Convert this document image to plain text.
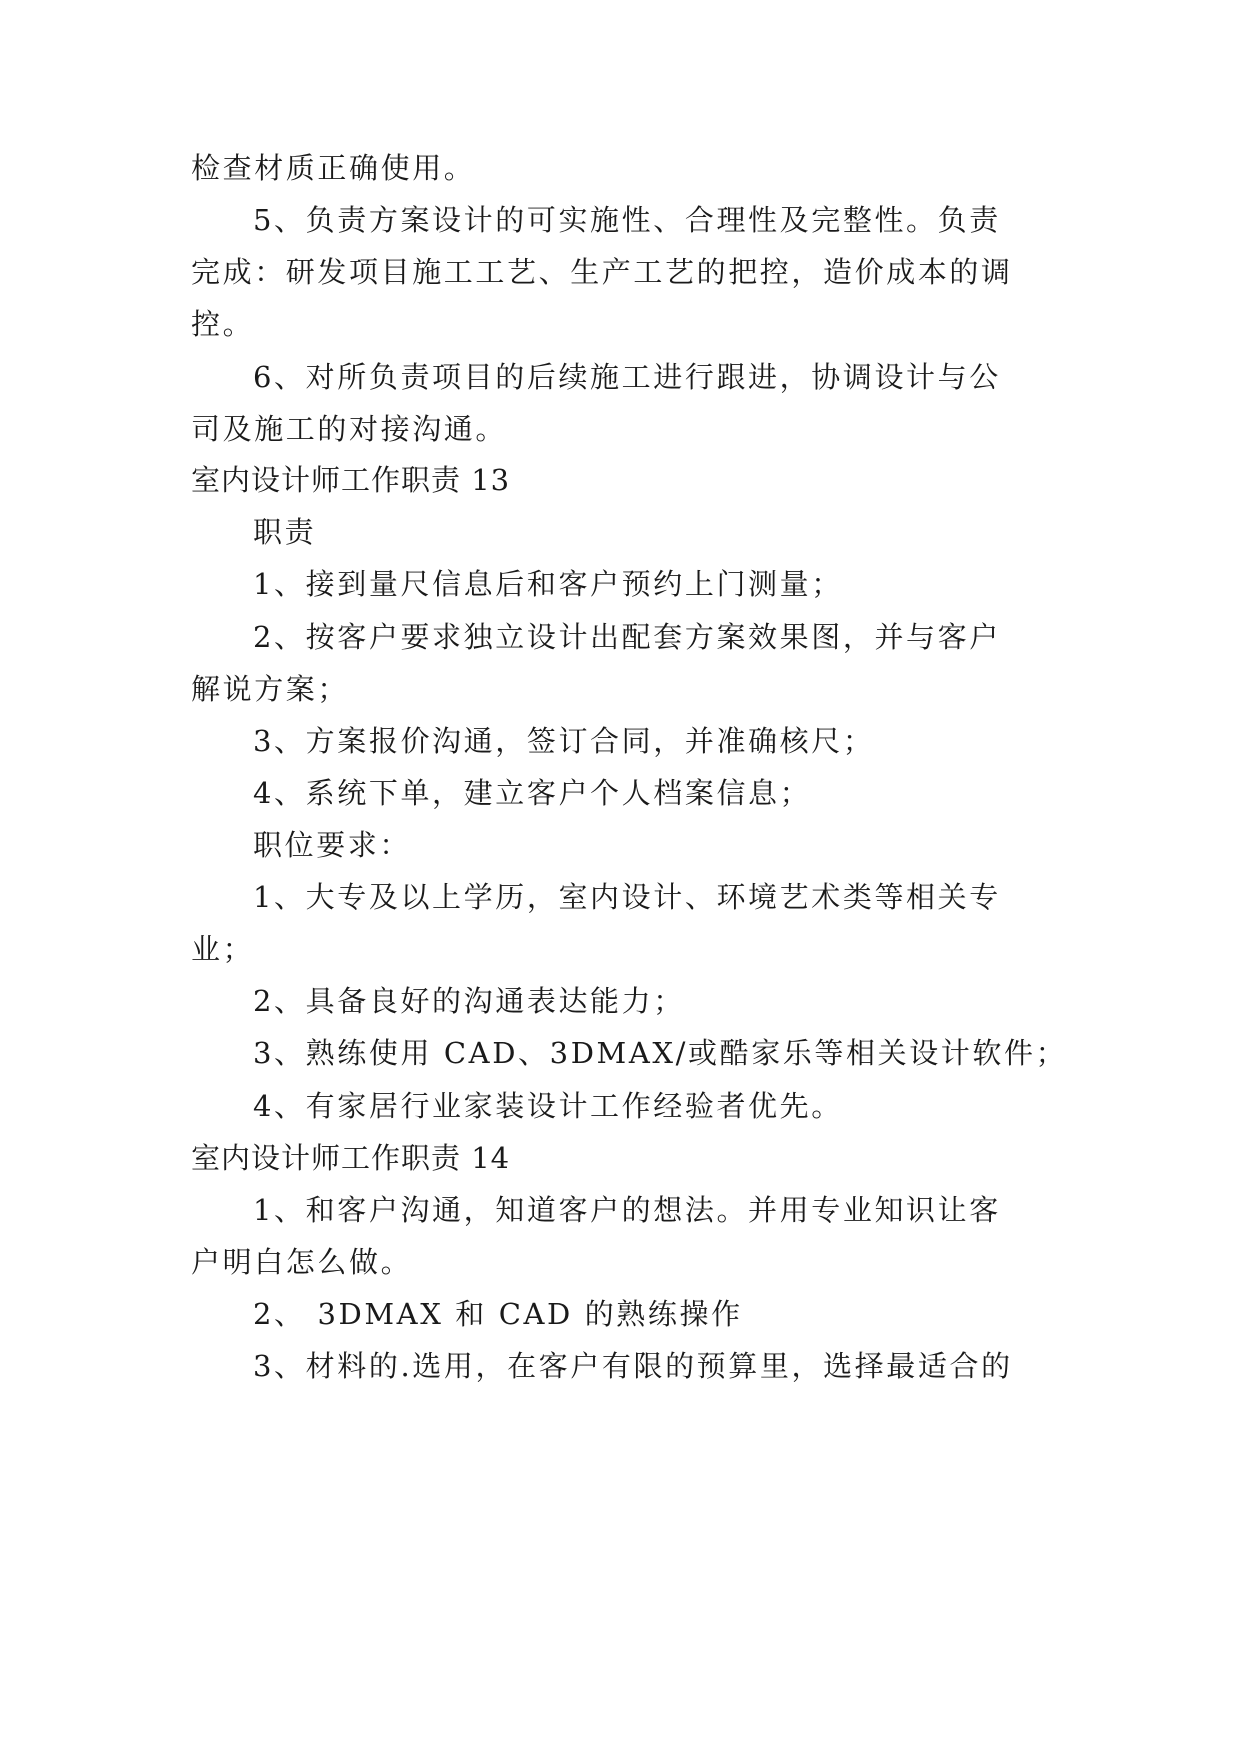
检查材质正确使用。
5、负责方案设计的可实施性、合理性及完整性。负责
完成：研发项目施工工艺、生产工艺的把控，造价成本的调
控。
6、对所负责项目的后续施工进行跟进，协调设计与公
司及施工的对接沟通。
室内设计师工作职责 13
职责
1、接到量尺信息后和客户预约上门测量；
2、按客户要求独立设计出配套方案效果图，并与客户
解说方案；
3、方案报价沟通，签订合同，并准确核尺；
4、系统下单，建立客户个人档案信息；
职位要求：
1、大专及以上学历，室内设计、环境艺术类等相关专
业；
2、具备良好的沟通表达能力；
3、熟练使用 CAD、3DMAX/或酷家乐等相关设计软件；
4、有家居行业家装设计工作经验者优先。
室内设计师工作职责 14
1、和客户沟通，知道客户的想法。并用专业知识让客
户明白怎么做。
2、 3DMAX 和 CAD 的熟练操作
3、材料的.选用，在客户有限的预算里，选择最适合的
